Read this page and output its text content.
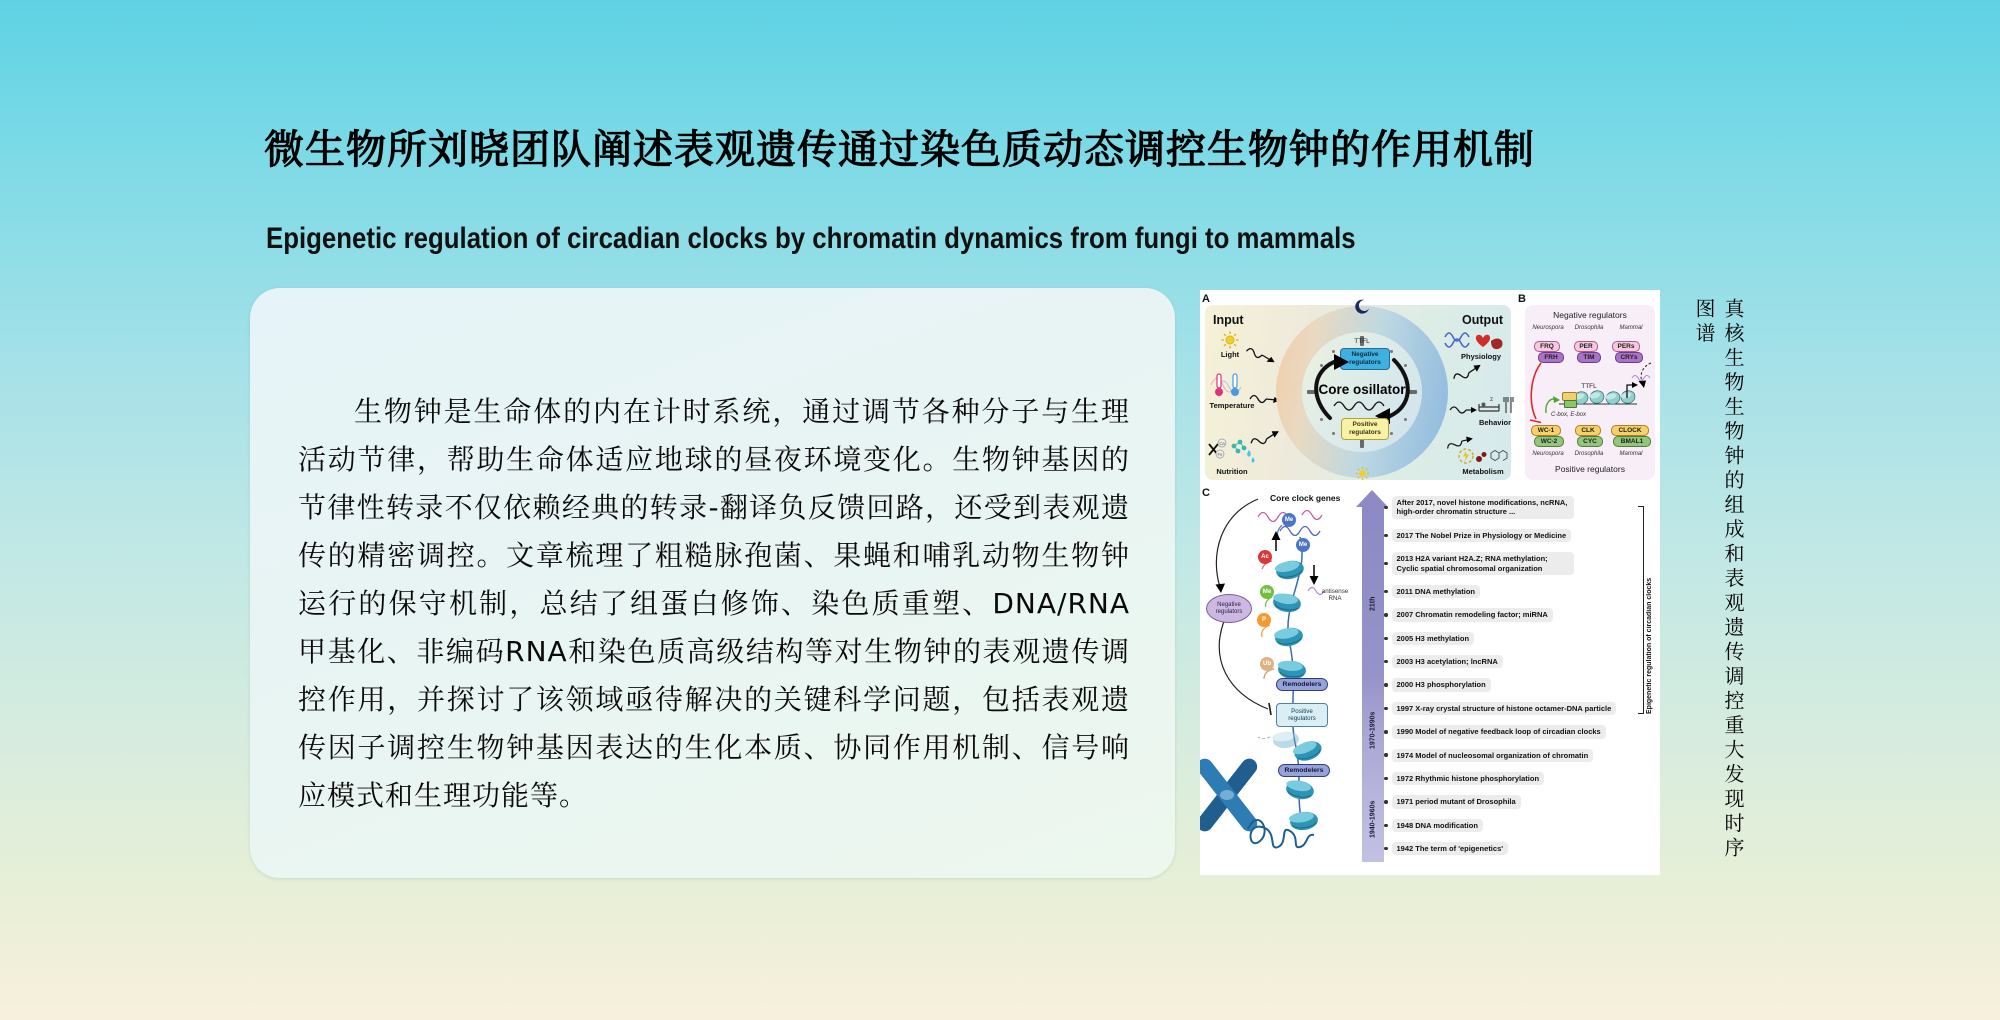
微生物所刘晓团队阐述表观遗传通过染色质动态调控生物钟的作用机制
Epigenetic regulation of circadian clocks by chromatin dynamics from fungi to mammals

生物钟是生命体的内在计时系统，通过调节各种分子与生理活动节律，帮助生命体适应地球的昼夜环境变化。生物钟基因的节律性转录不仅依赖经典的转录-翻译负反馈回路，还受到表观遗传的精密调控。文章梳理了粗糙脉孢菌、果蝇和哺乳动物生物钟运行的保守机制，总结了组蛋白修饰、染色质重塑、DNA/RNA甲基化、非编码RNA和染色质高级结构等对生物钟的表观遗传调控作用，并探讨了该领域亟待解决的关键科学问题，包括表观遗传因子调控生物钟基因表达的生化本质、协同作用机制、信号响应模式和生理功能等。

A
Input	Output
Light
Temperature
Ca
Fe
Nutrition
TTFL
Negative regulators
Core osillator
Positive regulators
Physiology
z
Behavior
Metabolism
B
Negative regulators
Neurospora	Drosophila	Mammal
FRQ
FRH
PER
TIM
PERs
CRYs
TTFL
C-box, E-box
WC-1
WC-2
CLK
CYC
CLOCK
BMAL1
Neurospora	Drosophila	Mammal
Positive regulators
C	Core clock genes
Me
Me
Ac
Me
P
Ub
antisense RNA
Negative regulators
Remodelers
Positive regulators
Remodelers
21th
1970-1990s
1940-1960s
After 2017, novel histone modifications, ncRNA, high-order chromatin structure ...
2017 The Nobel Prize in Physiology or Medicine
2013 H2A variant H2A.Z; RNA methylation; Cyclic spatial chromosomal organization
2011 DNA methylation
2007 Chromatin remodeling factor; miRNA
2005 H3 methylation
2003 H3 acetylation; lncRNA
2000 H3 phosphorylation
1997 X-ray crystal structure of histone octamer-DNA particle
1990 Model of negative feedback loop of circadian clocks
1974 Model of nucleosomal organization of chromatin
1972 Rhythmic histone phosphorylation
1971 period mutant of Drosophila
1948 DNA modification
1942 The term of 'epigenetics'
Epigenetic regulation of circadian clocks	真核生物生物钟的组成和表观遗传调控重大发现时序图谱
